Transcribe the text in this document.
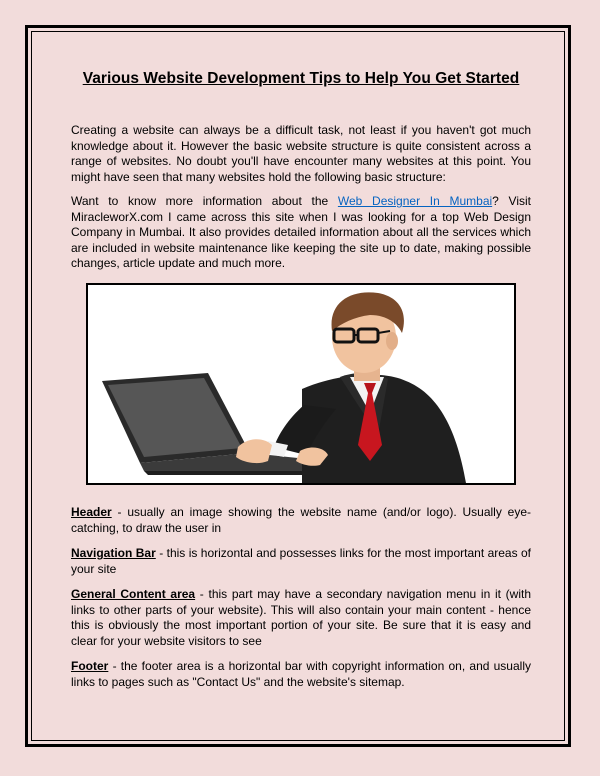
Various Website Development Tips to Help You Get Started

Creating a website can always be a difficult task, not least if you haven't got much knowledge about it. However the basic website structure is quite consistent across a range of websites. No doubt you'll have encounter many websites at this point. You might have seen that many websites hold the following basic structure:

Want to know more information about the Web Designer In Mumbai? Visit MiracleworX.com I came across this site when I was looking for a top Web Design Company in Mumbai. It also provides detailed information about all the services which are included in website maintenance like keeping the site up to date, making possible changes, article update and much more.

Header - usually an image showing the website name (and/or logo). Usually eye-catching, to draw the user in

Navigation Bar - this is horizontal and possesses links for the most important areas of your site

General Content area - this part may have a secondary navigation menu in it (with links to other parts of your website). This will also contain your main content - hence this is obviously the most important portion of your site. Be sure that it is easy and clear for your website visitors to see

Footer - the footer area is a horizontal bar with copyright information on, and usually links to pages such as "Contact Us" and the website's sitemap.
